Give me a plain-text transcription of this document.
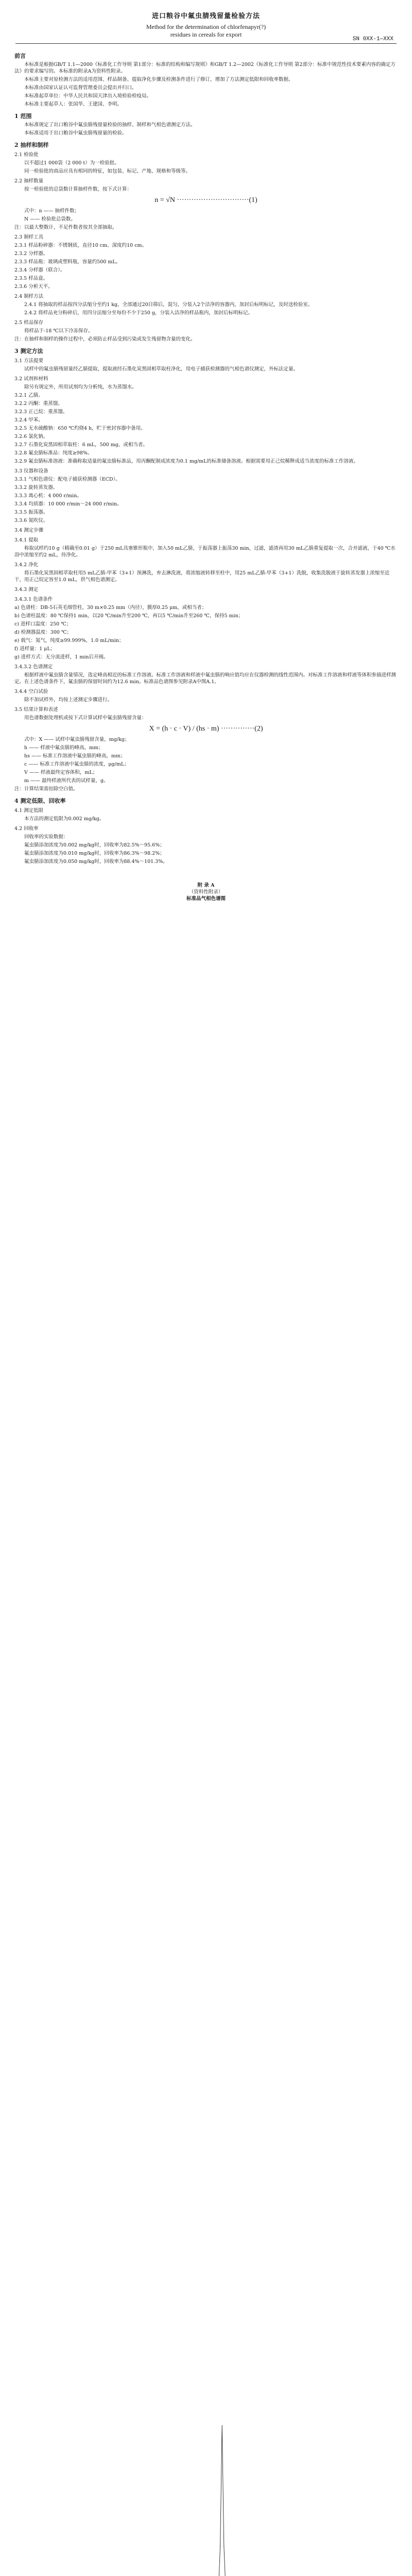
进口粮谷中氟虫腈残留量检验方法
Method for the determination of chlorfenapyr(?)
residues in cereals for export
SN 0XX-1—XXX
前言

本标准是根据GB/T 1.1—2000《标准化工作导则 第1部分：标准的结构和编写规则》和GB/T 1.2—2002《标准化工作导则 第2部分：标准中规范性技术要素内容的确定方法》的要求编写的。本标准的附录A为资料性附录。

本标准主要对原检测方法的适用范围、样品制备、提取净化步骤及检测条件进行了修订，增加了方法测定低限和回收率数据。

本标准由国家认证认可监督管理委员会提出并归口。

本标准起草单位：中华人民共和国天津出入境检验检疫局。

本标准主要起草人：张国华、王建国、李明。

1 范围

本标准规定了出口粮谷中氟虫腈残留量检验的抽样、制样和气相色谱测定方法。

本标准适用于出口粮谷中氟虫腈残留量的检验。

2 抽样和制样
2.1 检验批

以不超过1 000袋（2 000 t）为一检验批。

同一检验批的商品应具有相同的特征，如包装、标记、产地、规格和等级等。

2.2 抽样数量

按一检验批的总袋数计算抽样件数，按下式计算：

n = √N ······························(1)

式中：n —— 抽样件数；

N —— 检验批总袋数。

注：以最大整数计，不足件数者按其全部抽取。

2.3 制样工具

2.3.1 样品粉碎器：不锈钢质，直径10 cm、深度约10 cm。

2.3.2 分样器。

2.3.3 样品瓶：玻璃或塑料瓶，容量约500 mL。

2.3.4 分样器（联合）。

2.3.5 样品盒。

2.3.6 分析天平。

2.4 制样方法

2.4.1 将抽取的样品按四分法缩分至约1 kg，全部通过20目筛后，混匀，分装入2个洁净的容器内，加封后标明标记，及时送检验室。

2.4.2 将样品充分粉碎后，用四分法缩分至每份不少于250 g，分装入洁净的样品瓶内，加封后标明标记。

2.5 样品保存

将样品于-18 ℃以下冷冻保存。

注：在抽样和制样的操作过程中，必须防止样品受到污染或发生残留物含量的变化。

3 测定方法
3.1 方法提要

试样中的氟虫腈残留量经乙腈提取，提取液经石墨化炭黑固相萃取柱净化，用电子捕获检测器的气相色谱仪测定，外标法定量。

3.2 试剂和材料

除另有规定外，所用试剂均为分析纯，水为蒸馏水。

3.2.1 乙腈。

3.2.2 丙酮：重蒸馏。

3.2.3 正己烷：重蒸馏。

3.2.4 甲苯。

3.2.5 无水硫酸钠：650 ℃灼烧4 h，贮于密封容器中备用。

3.2.6 氯化钠。

3.2.7 石墨化炭黑固相萃取柱：6 mL，500 mg，或相当者。

3.2.8 氟虫腈标准品：纯度≥98%。

3.2.9 氟虫腈标准溶液：准确称取适量的氟虫腈标准品，用丙酮配制成浓度为0.1 mg/mL的标准储备溶液。根据需要用正己烷稀释成适当浓度的标准工作溶液。

3.3 仪器和设备

3.3.1 气相色谱仪：配电子捕获检测器（ECD）。

3.3.2 旋转蒸发器。

3.3.3 离心机：4 000 r/min。

3.3.4 均质器：10 000 r/min～24 000 r/min。

3.3.5 振荡器。

3.3.6 氮吹仪。

3.4 测定步骤
3.4.1 提取

称取试样约10 g（精确至0.01 g）于250 mL具塞锥形瓶中，加入50 mL乙腈，于振荡器上振荡30 min，过滤，滤渣再用30 mL乙腈重复提取一次，合并滤液，于40 ℃水浴中浓缩至约2 mL，待净化。

3.4.2 净化

将石墨化炭黑固相萃取柱用5 mL乙腈-甲苯（3+1）预淋洗，弃去淋洗液，将浓缩液转移至柱中，用25 mL乙腈-甲苯（3+1）洗脱，收集洗脱液于旋转蒸发器上浓缩至近干，用正己烷定容至1.0 mL，供气相色谱测定。

3.4.3 测定
3.4.3.1 色谱条件

a) 色谱柱：DB-5石英毛细管柱，30 m×0.25 mm（内径），膜厚0.25 μm，或相当者；

b) 色谱柱温度：80 ℃保持1 min，以20 ℃/min升至200 ℃，再以5 ℃/min升至260 ℃，保持5 min；

c) 进样口温度：250 ℃；

d) 检测器温度：300 ℃；

e) 载气：氮气，纯度≥99.999%，1.0 mL/min；

f) 进样量：1 μL；

g) 进样方式：无分流进样，1 min后开阀。

3.4.3.2 色谱测定

根据样液中氟虫腈含量情况，选定峰高相近的标准工作溶液。标准工作溶液和样液中氟虫腈的响应值均应在仪器检测的线性范围内。对标准工作溶液和样液等体积参插进样测定。在上述色谱条件下，氟虫腈的保留时间约为12.6 min。标准品色谱图参见附录A中图A.1。

3.4.4 空白试验

除不加试样外，均按上述测定步骤进行。

3.5 结果计算和表述

用色谱数据处理机或按下式计算试样中氟虫腈残留含量：

X = (h · c · V) / (hs · m) ··············(2)

式中：X —— 试样中氟虫腈残留含量，mg/kg；

h —— 样液中氟虫腈的峰高，mm；

hs —— 标准工作溶液中氟虫腈的峰高，mm；

c —— 标准工作溶液中氟虫腈的浓度，μg/mL；

V —— 样液最终定容体积，mL；

m —— 最终样液所代表的试样量，g。

注：计算结果需扣除空白值。

4 测定低限、回收率
4.1 测定低限

本方法的测定低限为0.002 mg/kg。

4.2 回收率

回收率的实验数据：

氟虫腈添加浓度为0.002 mg/kg时，回收率为82.5%～95.6%；

氟虫腈添加浓度为0.010 mg/kg时，回收率为86.3%～98.2%；

氟虫腈添加浓度为0.050 mg/kg时，回收率为88.4%～101.3%。

附 录 A
（资料性附录）
标准品气相色谱图
